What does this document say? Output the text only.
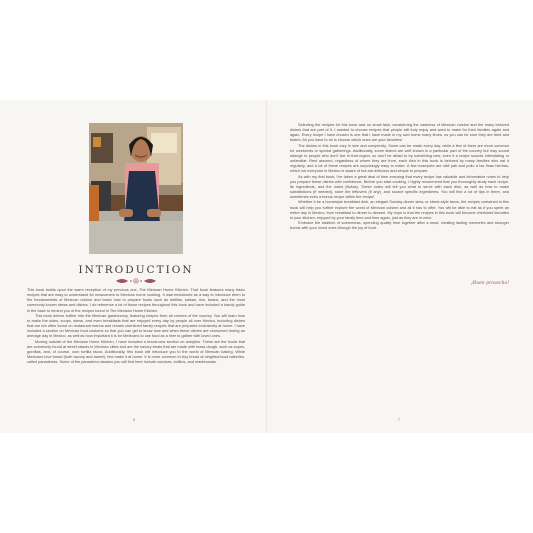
INTRODUCTION

This book builds upon the warm reception of my previous one, The Mexican Home Kitchen. That book features many basic recipes that are easy to understand for newcomers to Mexican home cooking. It was envisioned as a way to introduce them to the fundamentals of Mexican cuisine and teach how to prepare foods such as tortillas, salsas, rice, beans, and the most commonly known stews and dishes. I do reference a lot of those recipes throughout this book and have included a handy guide in the back to remind you of the recipes found in The Mexican Home Kitchen.

This book delves further into the Mexican gastronomy, featuring recipes from all corners of the country. You will learn how to make the sides, soups, stews, and even breakfasts that are enjoyed every day by people all over Mexico, including dishes that are not often found on restaurant menus and remain cherished family recipes that are prepared exclusively at home. I have included a section on Mexican food customs so that you can get to know how and when these dishes are consumed during an average day in Mexico, as well as how important it is for Mexicans to use food as a time to gather with loved ones.

Moving outside of the Mexican Home Kitchen, I have included a brand-new section on antojitos. These are the foods that are commonly found at street stands in Mexican cities and are the savory treats that are made with masa dough, such as sopes, gorditas, and, of course, corn tortilla tacos. Additionally, this book will introduce you to the world of Mexican baking. While Mexicans love bread (both savory and sweet), few make it at home. It is more common to buy bread at neighborhood bakeries, called panaderías. Some of the panadería classics you will find here include conchas, bolillos, and mantecadas.

6

Selecting the recipes for this book was no small task, considering the vastness of Mexican cuisine and the many beloved dishes that are part of it. I wanted to choose recipes that people will truly enjoy and want to make for their families again and again. Every recipe I have chosen is one that I have made in my own home many times, so you can be sure they are tried and tested. All you have to do is choose which ones are your favorites!

The dishes in this book vary in size and complexity. Some can be made every day, while a few of them are more common for weekends or special gatherings. Additionally, some dishes are well known in a particular part of the country but may sound strange to people who don't live in that region, so don't be afraid to try something new, even if a recipe sounds intimidating or unfamiliar. Rest assured, regardless of where they are from, each dish in this book is beloved by many families who eat it regularly, and a lot of these recipes are surprisingly easy to make. A few examples are sikil pak and pollo a las finas hierbas, which not everyone in Mexico is aware of but are delicious and simple to prepare.

As with my first book, I've taken a great deal of time ensuring that every recipe has valuable and informative notes to help you prepare these dishes with confidence. Before you start cooking, I highly recommend that you thoroughly study each recipe, its ingredients, and the notes (Notas). These notes will tell you what to serve with each dish, as well as how to make substitutions (if needed), store the leftovers (if any), and source specific ingredients. You will find a lot of tips in there, and sometimes even a bonus recipe within the recipe!

Whether it be a homestyle breakfast dish, an elegant Sunday dinner stew, or street-style tacos, the recipes contained in this book will help you further explore the world of Mexican cuisine and all it has to offer. You will be able to eat as if you spent an entire day in Mexico, from breakfast to dinner to dessert. My hope is that the recipes in this book will become cherished favorites in your kitchen, enjoyed by your family time and time again, just as they are in mine.

Embrace the tradition of sobremesa, spending quality time together after a meal, creating lasting memories and stronger bonds with your loved ones through the joy of food.

¡Buen provecho!
7
